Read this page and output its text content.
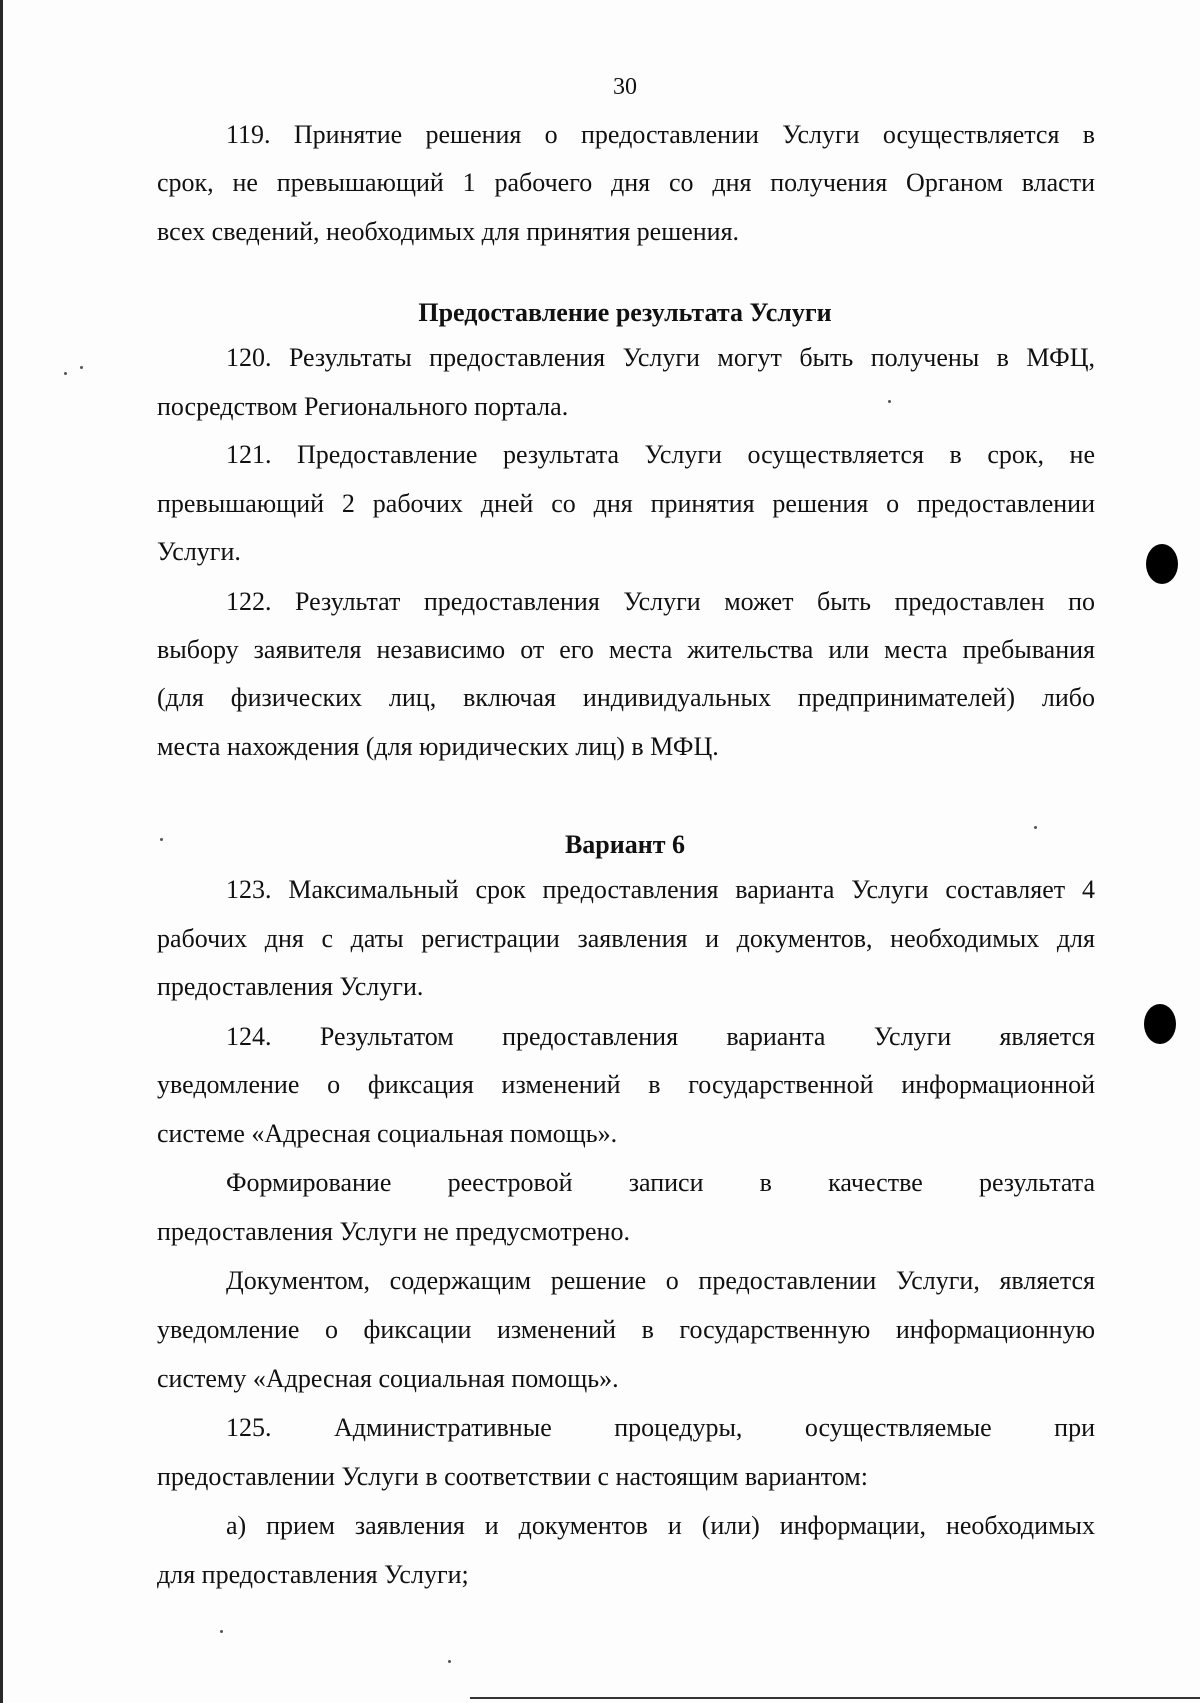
30
119. Принятие решения о предоставлении Услуги осуществляется в
срок, не превышающий 1 рабочего дня со дня получения Органом власти
всех сведений, необходимых для принятия решения.
Предоставление результата Услуги
120. Результаты предоставления Услуги могут быть получены в МФЦ,
посредством Регионального портала.
121. Предоставление результата Услуги осуществляется в срок, не
превышающий 2 рабочих дней со дня принятия решения о предоставлении
Услуги.
122. Результат предоставления Услуги может быть предоставлен по
выбору заявителя независимо от его места жительства или места пребывания
(для физических лиц, включая индивидуальных предпринимателей) либо
места нахождения (для юридических лиц) в МФЦ.
Вариант 6
123. Максимальный срок предоставления варианта Услуги составляет 4
рабочих дня с даты регистрации заявления и документов, необходимых для
предоставления Услуги.
124. Результатом предоставления варианта Услуги является
уведомление о фиксация изменений в государственной информационной
системе «Адресная социальная помощь».
Формирование реестровой записи в качестве результата
предоставления Услуги не предусмотрено.
Документом, содержащим решение о предоставлении Услуги, является
уведомление о фиксации изменений в государственную информационную
систему «Адресная социальная помощь».
125. Административные процедуры, осуществляемые при
предоставлении Услуги в соответствии с настоящим вариантом:
а) прием заявления и документов и (или) информации, необходимых
для предоставления Услуги;
